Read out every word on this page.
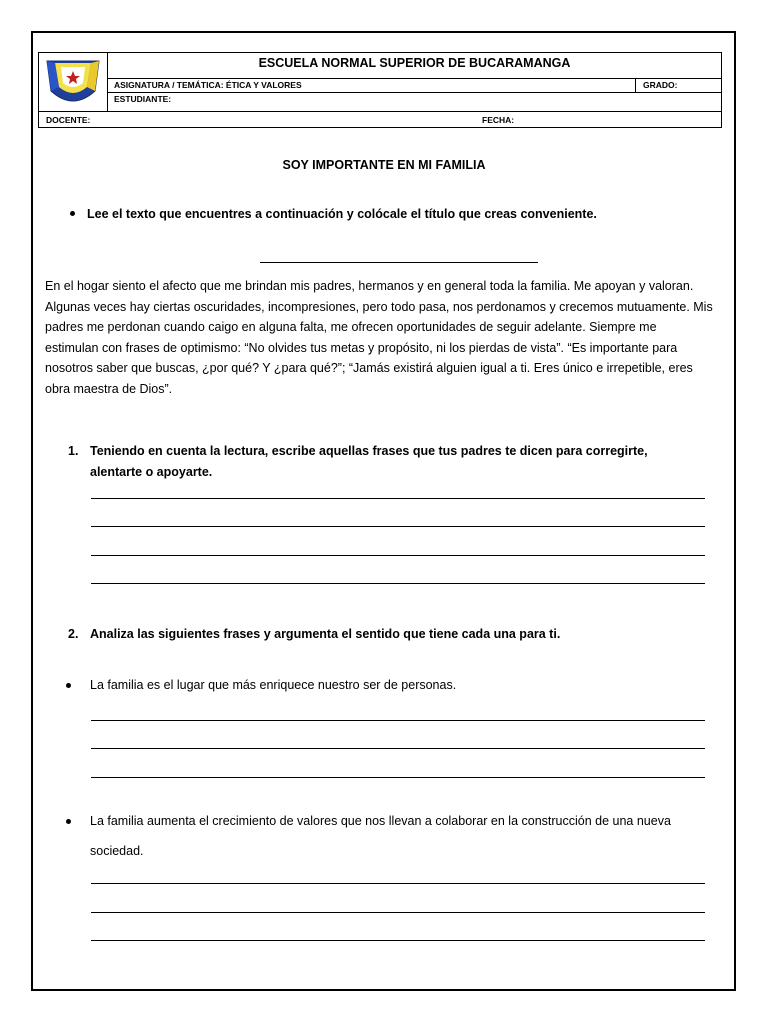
ESCUELA NORMAL SUPERIOR DE BUCARAMANGA
ASIGNATURA / TEMÁTICA: ÉTICA Y VALORES	GRADO:
ESTUDIANTE:
DOCENTE:	FECHA:
SOY IMPORTANTE EN MI FAMILIA
Lee el texto que encuentres a continuación y colócale el título que creas conveniente.

En el hogar siento el afecto que me brindan mis padres, hermanos y en general toda la familia. Me apoyan y valoran. Algunas veces hay ciertas oscuridades, incompresiones, pero todo pasa, nos perdonamos y crecemos mutuamente. Mis padres me perdonan cuando caigo en alguna falta, me ofrecen oportunidades de seguir adelante. Siempre me estimulan con frases de optimismo: “No olvides tus metas y propósito, ni los pierdas de vista”. “Es importante para nosotros saber que buscas, ¿por qué? Y ¿para qué?”; “Jamás existirá alguien igual a ti. Eres único e irrepetible, eres obra maestra de Dios”.

1. Teniendo en cuenta la lectura, escribe aquellas frases que tus padres te dicen para corregirte, alentarte o apoyarte.
2. Analiza las siguientes frases y argumenta el sentido que tiene cada una para ti.
La familia es el lugar que más enriquece nuestro ser de personas.
La familia aumenta el crecimiento de valores que nos llevan a colaborar en la construcción de una nueva sociedad.
